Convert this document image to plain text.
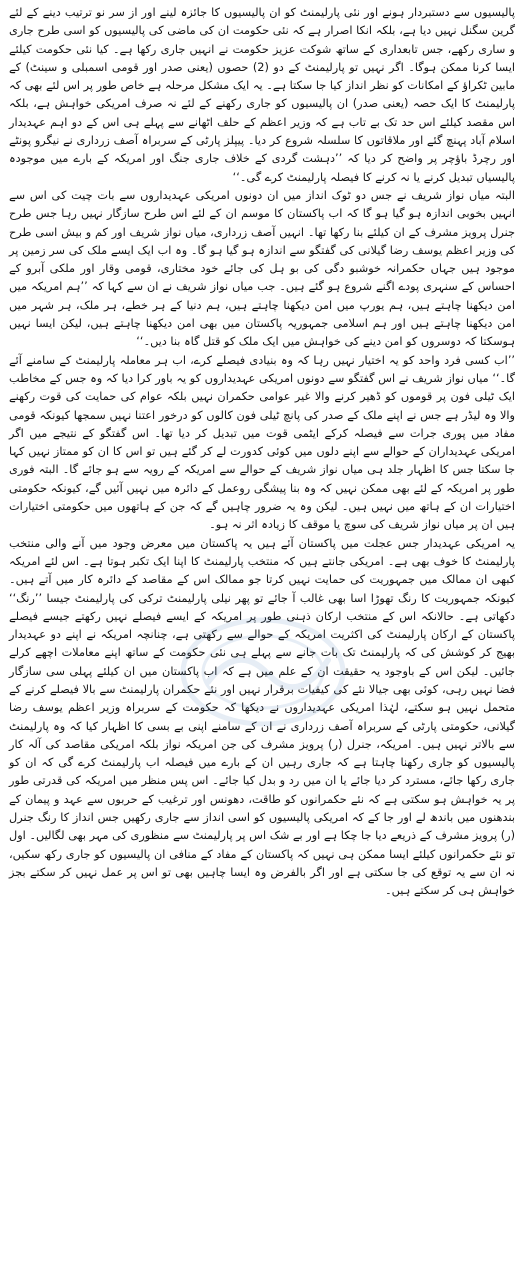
پالیسیوں سے دستبردار ہونے اور نئی پارلیمنٹ کو ان پالیسیوں کا جائزہ لینے اور از سر نو ترتیب دینے کے لئے گرین سگنل نہیں دیا ہے، بلکہ انکا اصرار ہے کہ نئی حکومت ان کی ماضی کی پالیسیوں کو اسی طرح جاری و ساری رکھے، جس تابعداری کے ساتھ شوکت عزیز حکومت نے انہیں جاری رکھا ہے۔ کیا نئی حکومت کیلئے ایسا کرنا ممکن ہوگا۔ اگر نہیں تو پارلیمنٹ کے دو (2) حصوں (یعنی صدر اور قومی اسمبلی و سینٹ) کے مابین ٹکراؤ کے امکانات کو نظر انداز کیا جا سکتا ہے۔ یہ ایک مشکل مرحلہ ہے خاص طور پر اس لئے بھی کہ پارلیمنٹ کا ایک حصہ (یعنی صدر) ان پالیسیوں کو جاری رکھنے کے لئے نہ صرف امریکی خواہش ہے، بلکہ اس مقصد کیلئے اس حد تک بے تاب ہے کہ وزیر اعظم کے حلف اٹھانے سے پہلے ہی اس کے دو اہم عہدیدار اسلام آباد پہنچ گئے اور ملاقاتوں کا سلسلہ شروع کر دیا۔ پیپلز پارٹی کے سربراہ آصف زرداری نے نیگرو پونٹے اور رچرڈ باؤچر پر واضح کر دیا کہ ’’دہشت گردی کے خلاف جاری جنگ اور امریکہ کے بارے میں موجودہ پالیسیاں تبدیل کرنے یا نہ کرنے کا فیصلہ پارلیمنٹ کرے گی۔‘‘

البتہ میاں نواز شریف نے جس دو ٹوک انداز میں ان دونوں امریکی عہدیداروں سے بات چیت کی اس سے انہیں بخوبی اندازہ ہو گیا ہو گا کہ اب پاکستان کا موسم ان کے لئے اس طرح سازگار نہیں رہا جس طرح جنرل پرویز مشرف کے ان کیلئے بنا رکھا تھا۔ انہیں آصف زرداری، میاں نواز شریف اور کم و بیش اسی طرح کی وزیر اعظم یوسف رضا گیلانی کی گفتگو سے اندازہ ہو گیا ہو گا۔ وہ اب ایک ایسے ملک کی سر زمین پر موجود ہیں جہاں حکمرانہ خوشبو دگی کی بو ہل کی جائے خود مختاری، قومی وقار اور ملکی آبرو کے احساس کے سنہری پودے اگنے شروع ہو گئے ہیں۔ جب میاں نواز شریف نے ان سے کہا کہ ’’ہم امریکہ میں امن دیکھنا چاہتے ہیں، ہم یورپ میں امن دیکھنا چاہتے ہیں، ہم دنیا کے ہر خطے، ہر ملک، ہر شہر میں امن دیکھنا چاہتے ہیں اور ہم اسلامی جمہوریہ پاکستان میں بھی امن دیکھنا چاہتے ہیں، لیکن ایسا نہیں ہوسکتا کہ دوسروں کو امن دینے کی خواہش میں ایک ملک کو قتل گاہ بنا دیں۔‘‘

’’اب کسی فرد واحد کو یہ اختیار نہیں رہا کہ وہ بنیادی فیصلے کرے، اب ہر معاملہ پارلیمنٹ کے سامنے آئے گا۔‘‘ میاں نواز شریف نے اس گفتگو سے دونوں امریکی عہدیداروں کو یہ باور کرا دیا کہ وہ جس کے مخاطب ایک ٹیلی فون پر قوموں کو ڈھیر کرنے والا غیر عوامی حکمران نہیں بلکہ عوام کی حمایت کی قوت رکھنے والا وہ لیڈر ہے جس نے اپنے ملک کے صدر کی پانچ ٹیلی فون کالوں کو درخور اعتنا نہیں سمجھا کیونکہ قومی مفاد میں پوری جرات سے فیصلہ کرکے ایٹمی قوت میں تبدیل کر دیا تھا۔ اس گفتگو کے نتیجے میں اگر امریکی عہدیداران کے حوالے سے اپنے دلوں میں کوئی کدورت لے کر گئے ہیں تو اس کا ان کو ممتاز نہیں کہا جا سکتا جس کا اظہار جلد ہی میاں نواز شریف کے حوالے سے امریکہ کے رویہ سے ہو جائے گا۔ البتہ فوری طور پر امریکہ کے لئے بھی ممکن نہیں کہ وہ بنا پیشگی روعمل کے دائرہ میں نہیں آئیں گے، کیونکہ حکومتی اختیارات ان کے ہاتھ میں نہیں ہیں۔ لیکن وہ یہ ضرور چاہیں گے کہ جن کے ہاتھوں میں حکومتی اختیارات ہیں ان پر میاں نواز شریف کی سوچ یا موقف کا زیادہ اثر نہ ہو۔

یہ امریکی عہدیدار جس عجلت میں پاکستان آئے ہیں یہ پاکستان میں معرض وجود میں آنے والی منتخب پارلیمنٹ کا خوف بھی ہے۔ امریکی جانتے ہیں کہ منتخب پارلیمنٹ کا اپنا ایک تکبر ہوتا ہے۔ اس لئے امریکہ کبھی ان ممالک میں جمہوریت کی حمایت نہیں کرتا جو ممالک اس کے مقاصد کے دائرہ کار میں آتے ہیں۔ کیونکہ جمہوریت کا رنگ تھوڑا اسا بھی غالب آ جائے تو پھر نیلی پارلیمنٹ ترکی کی پارلیمنٹ جیسا ’’رنگ‘‘ دکھاتی ہے۔ حالانکہ اس کے منتخب ارکان ذہنی طور پر امریکہ کے ایسے فیصلے نہیں رکھتے جیسے فیصلے پاکستان کے ارکان پارلیمنٹ کی اکثریت امریکہ کے حوالے سے رکھتی ہے، چنانچہ امریکہ نے اپنے دو عہدیدار بھیج کر کوشش کی کہ پارلیمنٹ تک بات جانے سے پہلے ہی نئی حکومت کے ساتھ اپنے معاملات اچھے کرلے جائیں۔ لیکن اس کے باوجود یہ حقیقت ان کے علم میں ہے کہ اب پاکستان میں ان کیلئے پہلی سی سازگار فضا نہیں رہی، کوئی بھی جیالا نئے کی کیفیات برقرار نہیں اور نئے حکمران پارلیمنٹ سے بالا فیصلے کرنے کے متحمل نہیں ہو سکتے، لہٰذا امریکی عہدیداروں نے دیکھا کہ حکومت کے سربراہ وزیر اعظم یوسف رضا گیلانی، حکومتی پارٹی کے سربراہ آصف زرداری نے ان کے سامنے اپنی بے بسی کا اظہار کیا کہ وہ پارلیمنٹ سے بالاتر نہیں ہیں۔ امریکہ، جنرل (ر) پرویز مشرف کی جن امریکہ نواز بلکہ امریکی مقاصد کی آلہ کار پالیسیوں کو جاری رکھنا چاہتا ہے کہ جاری رہیں ان کے بارے میں فیصلہ اب پارلیمنٹ کرے گی کہ ان کو جاری رکھا جائے، مسترد کر دیا جائے یا ان میں رد و بدل کیا جائے۔ اس پس منظر میں امریکہ کی قدرتی طور پر یہ خواہش ہو سکتی ہے کہ نئے حکمرانوں کو طاقت، دھونس اور ترغیب کے حربوں سے عہد و پیمان کے بندھنوں میں باندھ لے اور جا کے کہ امریکی پالیسیوں کو اسی انداز سے جاری رکھیں جس انداز کا رنگ جنرل (ر) پرویز مشرف کے ذریعے دیا جا چکا ہے اور بے شک اس پر پارلیمنٹ سے منظوری کی مہر بھی لگالیں۔ اول تو نئے حکمرانوں کیلئے ایسا ممکن ہی نہیں کہ پاکستان کے مفاد کے منافی ان پالیسیوں کو جاری رکھ سکیں، نہ ان سے یہ توقع کی جا سکتی ہے اور اگر بالفرض وہ ایسا چاہیں بھی تو اس پر عمل نہیں کر سکتے بجز خواہش ہی کر سکتے ہیں۔
